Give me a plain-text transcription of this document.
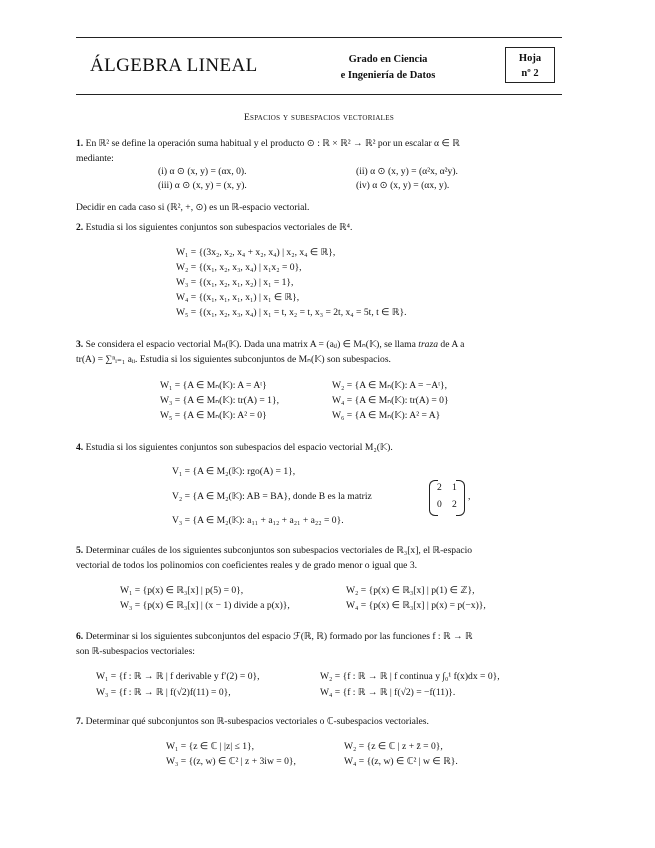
ÁLGEBRA LINEAL	Grado en Ciencia
e Ingeniería de Datos
Hoja
nº 2
Espacios y subespacios vectoriales
1. En ℝ² se define la operación suma habitual y el producto ⊙ : ℝ × ℝ² → ℝ² por un escalar α ∈ ℝ
mediante:
(i) α ⊙ (x, y) = (αx, 0).	(ii) α ⊙ (x, y) = (α²x, α²y).
(iii) α ⊙ (x, y) = (x, y).	(iv) α ⊙ (x, y) = (αx, y).
Decidir en cada caso si (ℝ², +, ⊙) es un ℝ-espacio vectorial.
2. Estudia si los siguientes conjuntos son subespacios vectoriales de ℝ⁴.
W₁ = {(3x₂, x₂, x₄ + x₂, x₄) | x₂, x₄ ∈ ℝ},
W₂ = {(x₁, x₂, x₃, x₄) | x₁x₂ = 0},
W₃ = {(x₁, x₂, x₁, x₂) | x₁ = 1},
W₄ = {(x₁, x₁, x₁, x₁) | x₁ ∈ ℝ},
W₅ = {(x₁, x₂, x₃, x₄) | x₁ = t, x₂ = t, x₃ = 2t, x₄ = 5t, t ∈ ℝ}.
3. Se considera el espacio vectorial Mₙ(𝕂). Dada una matrix A = (aᵢⱼ) ∈ Mₙ(𝕂), se llama traza de A a
tr(A) = ∑ⁿᵢ₌₁ aᵢᵢ. Estudia si los siguientes subconjuntos de Mₙ(𝕂) son subespacios.
W₁ = {A ∈ Mₙ(𝕂): A = Aᵗ}	W₂ = {A ∈ Mₙ(𝕂): A = −Aᵗ},
W₃ = {A ∈ Mₙ(𝕂): tr(A) = 1},	W₄ = {A ∈ Mₙ(𝕂): tr(A) = 0}
W₅ = {A ∈ Mₙ(𝕂): A² = 0}	W₆ = {A ∈ Mₙ(𝕂): A² = A}
4. Estudia si los siguientes conjuntos son subespacios del espacio vectorial M₂(𝕂).
V₁ = {A ∈ M₂(𝕂): rgo(A) = 1},
V₂ = {A ∈ M₂(𝕂): AB = BA}, donde B es la matriz
2 1
0 2
,
V₃ = {A ∈ M₂(𝕂): a₁₁ + a₁₂ + a₂₁ + a₂₂ = 0}.
5. Determinar cuáles de los siguientes subconjuntos son subespacios vectoriales de ℝ₃[x], el ℝ-espacio
vectorial de todos los polinomios con coeficientes reales y de grado menor o igual que 3.
W₁ = {p(x) ∈ ℝ₃[x] | p(5) = 0},	W₂ = {p(x) ∈ ℝ₃[x] | p(1) ∈ ℤ},
W₃ = {p(x) ∈ ℝ₃[x] | (x − 1) divide a p(x)},	W₄ = {p(x) ∈ ℝ₃[x] | p(x) = p(−x)},
6. Determinar si los siguientes subconjuntos del espacio ℱ(ℝ, ℝ) formado por las funciones f : ℝ → ℝ
son ℝ-subespacios vectoriales:
W₁ = {f : ℝ → ℝ | f derivable y f′(2) = 0},	W₂ = {f : ℝ → ℝ | f continua y ∫₀¹ f(x)dx = 0},
W₃ = {f : ℝ → ℝ | f(√2)f(11) = 0},	W₄ = {f : ℝ → ℝ | f(√2) = −f(11)}.
7. Determinar qué subconjuntos son ℝ-subespacios vectoriales o ℂ-subespacios vectoriales.
W₁ = {z ∈ ℂ | |z| ≤ 1},	W₂ = {z ∈ ℂ | z + z̄ = 0},
W₃ = {(z, w) ∈ ℂ² | z + 3iw = 0},	W₄ = {(z, w) ∈ ℂ² | w ∈ ℝ}.
